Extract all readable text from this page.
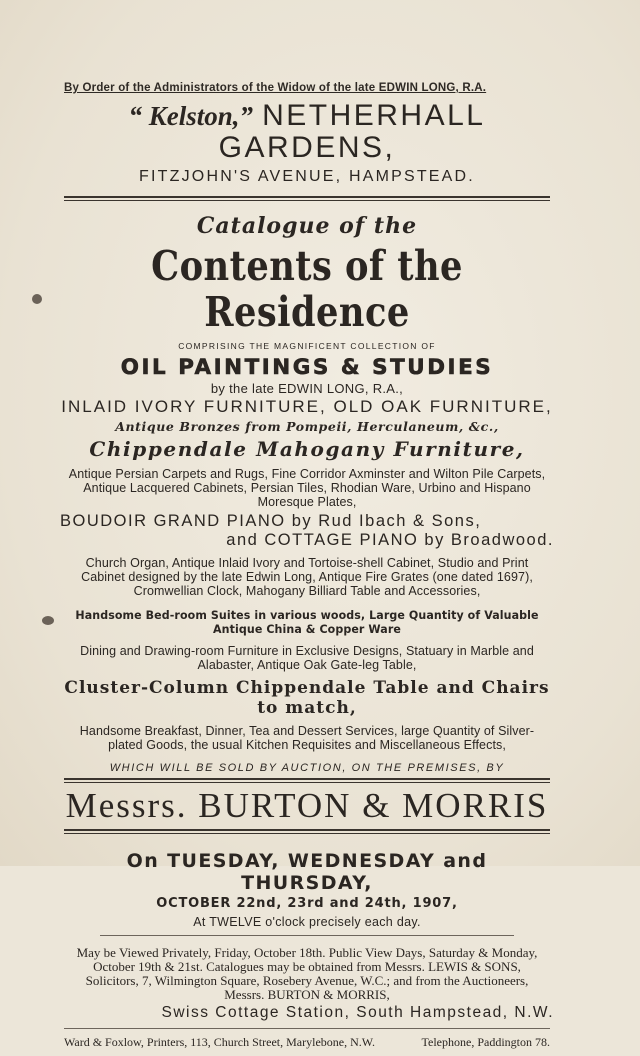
By Order of the Administrators of the Widow of the late EDWIN LONG, R.A.
“ Kelston,” NETHERHALL GARDENS,
FITZJOHN'S AVENUE, HAMPSTEAD.
Catalogue of the
Contents of the Residence
COMPRISING THE MAGNIFICENT COLLECTION OF
OIL PAINTINGS & STUDIES
by the late EDWIN LONG, R.A.,
INLAID IVORY FURNITURE, OLD OAK FURNITURE,
Antique Bronzes from Pompeii, Herculaneum, &c.,
Chippendale Mahogany Furniture,
Antique Persian Carpets and Rugs, Fine Corridor Axminster and Wilton Pile Carpets, Antique Lacquered Cabinets, Persian Tiles, Rhodian Ware, Urbino and Hispano Moresque Plates,
BOUDOIR GRAND PIANO by Rud Ibach & Sons,
and COTTAGE PIANO by Broadwood.
Church Organ, Antique Inlaid Ivory and Tortoise-shell Cabinet, Studio and Print Cabinet designed by the late Edwin Long, Antique Fire Grates (one dated 1697), Cromwellian Clock, Mahogany Billiard Table and Accessories,
Handsome Bed-room Suites in various woods, Large Quantity of Valuable Antique China & Copper Ware
Dining and Drawing-room Furniture in Exclusive Designs, Statuary in Marble and Alabaster, Antique Oak Gate-leg Table,
Cluster-Column Chippendale Table and Chairs to match,
Handsome Breakfast, Dinner, Tea and Dessert Services, large Quantity of Silver-plated Goods, the usual Kitchen Requisites and Miscellaneous Effects,
WHICH WILL BE SOLD BY AUCTION, ON THE PREMISES, BY
Messrs. BURTON & MORRIS
On TUESDAY, WEDNESDAY and THURSDAY,
OCTOBER 22nd, 23rd and 24th, 1907,
At TWELVE o'clock precisely each day.
May be Viewed Privately, Friday, October 18th. Public View Days, Saturday & Monday, October 19th & 21st. Catalogues may be obtained from Messrs. LEWIS & SONS, Solicitors, 7, Wilmington Square, Rosebery Avenue, W.C.; and from the Auctioneers, Messrs. BURTON & MORRIS,
Swiss Cottage Station, South Hampstead, N.W.
Ward & Foxlow, Printers, 113, Church Street, Marylebone, N.W.	Telephone, Paddington 78.
